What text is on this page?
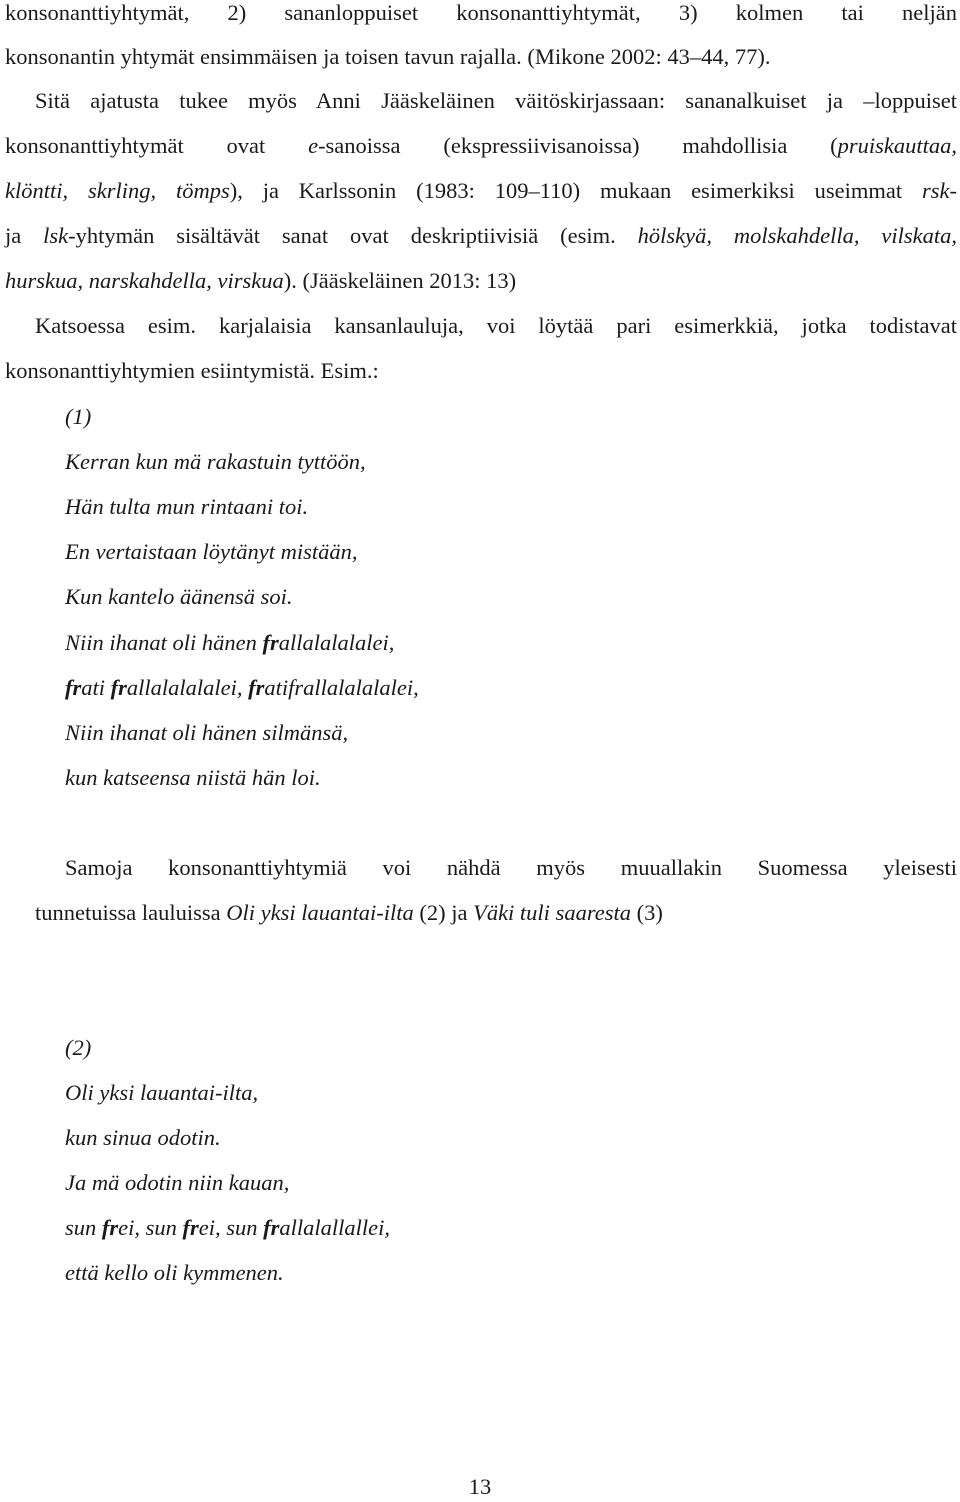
konsonanttiyhtymät, 2) sananloppuiset konsonanttiyhtymät, 3) kolmen tai neljän
konsonantin yhtymät ensimmäisen ja toisen tavun rajalla. (Mikone 2002: 43–44, 77).
Sitä ajatusta tukee myös Anni Jääskeläinen väitöskirjassaan: sananalkuiset ja –loppuiset
konsonanttiyhtymät ovat e-sanoissa (ekspressiivisanoissa) mahdollisia (pruiskauttaa,
klöntti, skrling, tömps), ja Karlssonin (1983: 109–110) mukaan esimerkiksi useimmat rsk-
ja lsk-yhtymän sisältävät sanat ovat deskriptiivisiä (esim. hölskyä, molskahdella, vilskata,
hurskua, narskahdella, virskua). (Jääskeläinen 2013: 13)
Katsoessa esim. karjalaisia kansanlauluja, voi löytää pari esimerkkiä, jotka todistavat
konsonanttiyhtymien esiintymistä. Esim.:
(1)
Kerran kun mä rakastuin tyttöön,
Hän tulta mun rintaani toi.
En vertaistaan löytänyt mistään,
Kun kantelo äänensä soi.
Niin ihanat oli hänen frallalalalalei,
frati frallalalalalei, fratifrallalalalalei,
Niin ihanat oli hänen silmänsä,
kun katseensa niistä hän loi.
Samoja konsonanttiyhtymiä voi nähdä myös muuallakin Suomessa yleisesti
tunnetuissa lauluissa Oli yksi lauantai-ilta (2) ja Väki tuli saaresta (3)
(2)
Oli yksi lauantai-ilta,
kun sinua odotin.
Ja mä odotin niin kauan,
sun frei, sun frei, sun frallalallallei,
että kello oli kymmenen.
13
